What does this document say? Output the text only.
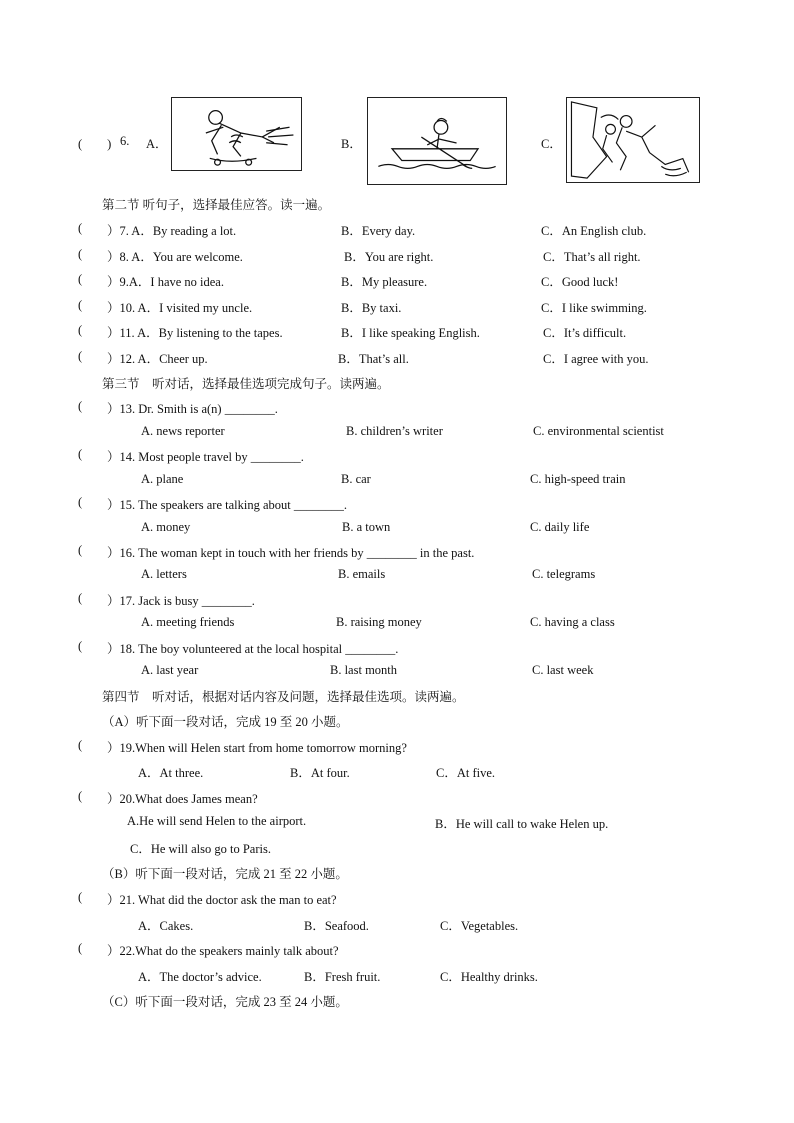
(　　) 6. A．	B．	C．
第二节 听句子，选择最佳应答。读一遍。
( ）7. A．By reading a lot.	B．Every day.	C．An English club.
( ）8. A．You are welcome.	B．You are right.	C．That’s all right.
( ）9.A．I have no idea.	B．My pleasure.	C．Good luck!
( ）10. A．I visited my uncle.	B．By taxi.	C．I like swimming.
( ）11. A．By listening to the tapes.	B．I like speaking English.	C．It’s difficult.
( ）12. A．Cheer up.	B．That’s all.	C．I agree with you.
第三节　听对话，选择最佳选项完成句子。读两遍。
( ）13. Dr. Smith is a(n) ________.
A. news reporter	B. children’s writer	C. environmental scientist
( ）14. Most people travel by ________.
A. plane	B. car	C. high-speed train
( ）15. The speakers are talking about ________.
A. money	B. a town	C. daily life
( ）16. The woman kept in touch with her friends by ________ in the past.
A. letters	B. emails	C. telegrams
( ）17. Jack is busy ________.
A. meeting friends	B. raising money	C. having a class
( ）18. The boy volunteered at the local hospital ________.
A. last year	B. last month	C. last week
第四节　听对话，根据对话内容及问题，选择最佳选项。读两遍。
（A）听下面一段对话，完成 19 至 20 小题。
( ）19.When will Helen start from home tomorrow morning?
A．At three.	B．At four.	C．At five.
( ）20.What does James mean?
A.He will send Helen to the airport.	B．He will call to wake Helen up.
C．He will also go to Paris.
（B）听下面一段对话，完成 21 至 22 小题。
( ）21. What did the doctor ask the man to eat?
A．Cakes.	B．Seafood.	C．Vegetables.
( ）22.What do the speakers mainly talk about?
A．The doctor’s advice.	B．Fresh fruit.	C．Healthy drinks.
（C）听下面一段对话，完成 23 至 24 小题。
